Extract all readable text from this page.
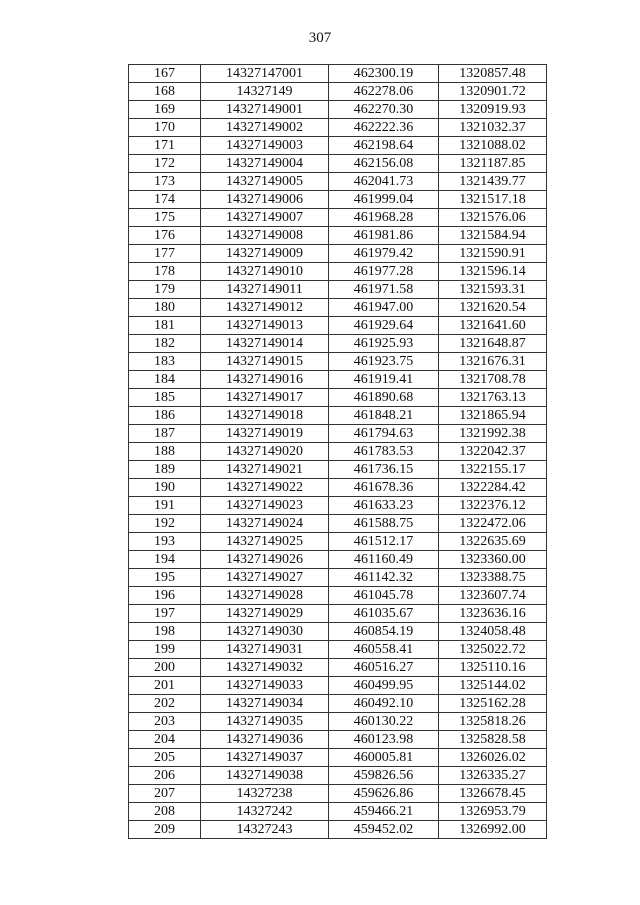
307
167	14327147001	462300.19	1320857.48
168	14327149	462278.06	1320901.72
169	14327149001	462270.30	1320919.93
170	14327149002	462222.36	1321032.37
171	14327149003	462198.64	1321088.02
172	14327149004	462156.08	1321187.85
173	14327149005	462041.73	1321439.77
174	14327149006	461999.04	1321517.18
175	14327149007	461968.28	1321576.06
176	14327149008	461981.86	1321584.94
177	14327149009	461979.42	1321590.91
178	14327149010	461977.28	1321596.14
179	14327149011	461971.58	1321593.31
180	14327149012	461947.00	1321620.54
181	14327149013	461929.64	1321641.60
182	14327149014	461925.93	1321648.87
183	14327149015	461923.75	1321676.31
184	14327149016	461919.41	1321708.78
185	14327149017	461890.68	1321763.13
186	14327149018	461848.21	1321865.94
187	14327149019	461794.63	1321992.38
188	14327149020	461783.53	1322042.37
189	14327149021	461736.15	1322155.17
190	14327149022	461678.36	1322284.42
191	14327149023	461633.23	1322376.12
192	14327149024	461588.75	1322472.06
193	14327149025	461512.17	1322635.69
194	14327149026	461160.49	1323360.00
195	14327149027	461142.32	1323388.75
196	14327149028	461045.78	1323607.74
197	14327149029	461035.67	1323636.16
198	14327149030	460854.19	1324058.48
199	14327149031	460558.41	1325022.72
200	14327149032	460516.27	1325110.16
201	14327149033	460499.95	1325144.02
202	14327149034	460492.10	1325162.28
203	14327149035	460130.22	1325818.26
204	14327149036	460123.98	1325828.58
205	14327149037	460005.81	1326026.02
206	14327149038	459826.56	1326335.27
207	14327238	459626.86	1326678.45
208	14327242	459466.21	1326953.79
209	14327243	459452.02	1326992.00
